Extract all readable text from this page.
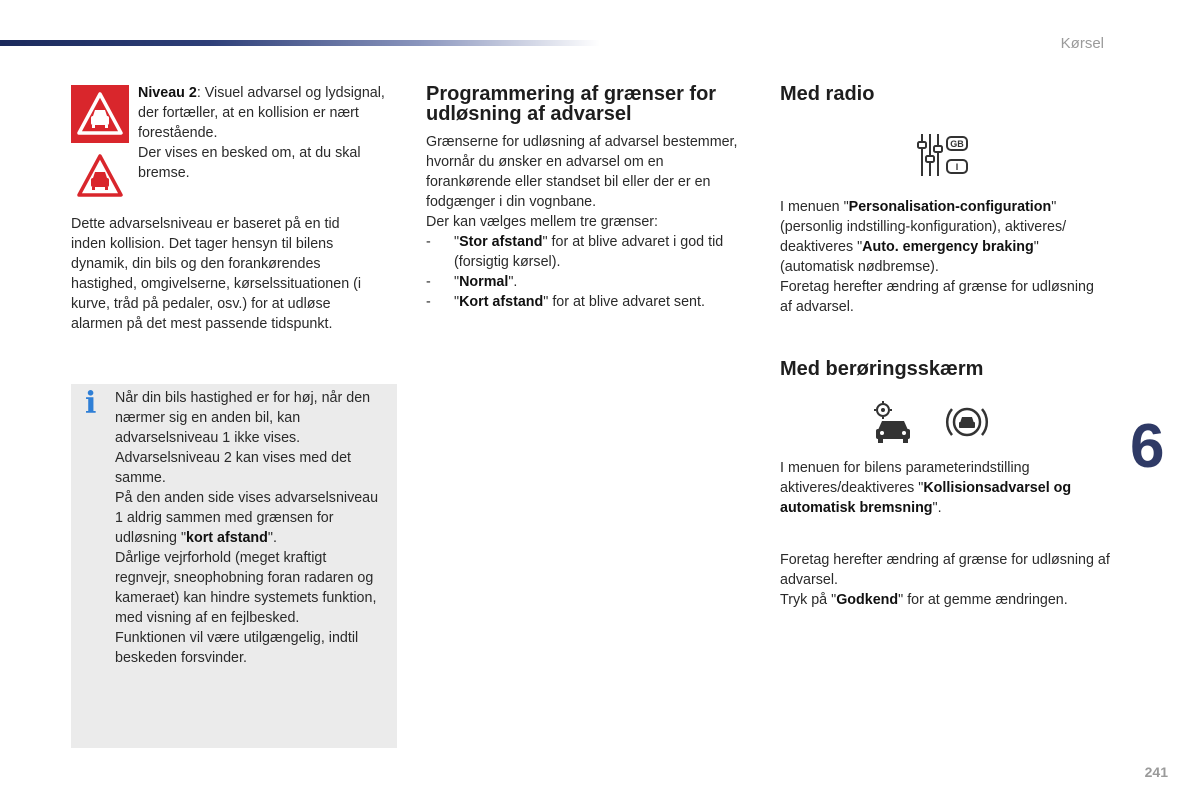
Kørsel

Niveau 2: Visuel advarsel og lydsignal, der fortæller, at en kollision er nært forestående.

Der vises en besked om, at du skal bremse.

Dette advarselsniveau er baseret på en tid inden kollision. Det tager hensyn til bilens dynamik, din bils og den forankørendes hastighed, omgivelserne, kørselssituationen (i kurve, tråd på pedaler, osv.) for at udløse alarmen på det mest passende tidspunkt.
i Når din bils hastighed er for høj, når den nærmer sig en anden bil, kan advarselsniveau 1 ikke vises.

Advarselsniveau 2 kan vises med det samme.

På den anden side vises advarselsniveau 1 aldrig sammen med grænsen for udløsning "kort afstand".

Dårlige vejrforhold (meget kraftigt regnvejr, sneophobning foran radaren og kameraet) kan hindre systemets funktion, med visning af en fejlbesked.

Funktionen vil være utilgængelig, indtil beskeden forsvinder.

Programmering af grænser for udløsning af advarsel

Grænserne for udløsning af advarsel bestemmer, hvornår du ønsker en advarsel om en forankørende eller standset bil eller der er en fodgænger i din vognbane.

Der kan vælges mellem tre grænser:

-	"Stor afstand" for at blive advaret i god tid (forsigtig kørsel).
-	"Normal".
-	"Kort afstand" for at blive advaret sent.
Med radio
GB
I

I menuen "Personalisation-configuration" (personlig indstilling-konfiguration), aktiveres/ deaktiveres "Auto. emergency braking" (automatisk nødbremse).

Foretag herefter ændring af grænse for udløsning af advarsel.

Med berøringsskærm

I menuen for bilens parameterindstilling aktiveres/deaktiveres "Kollisionsadvarsel og automatisk bremsning".

Foretag herefter ændring af grænse for udløsning af advarsel.

Tryk på "Godkend" for at gemme ændringen.

6
241
